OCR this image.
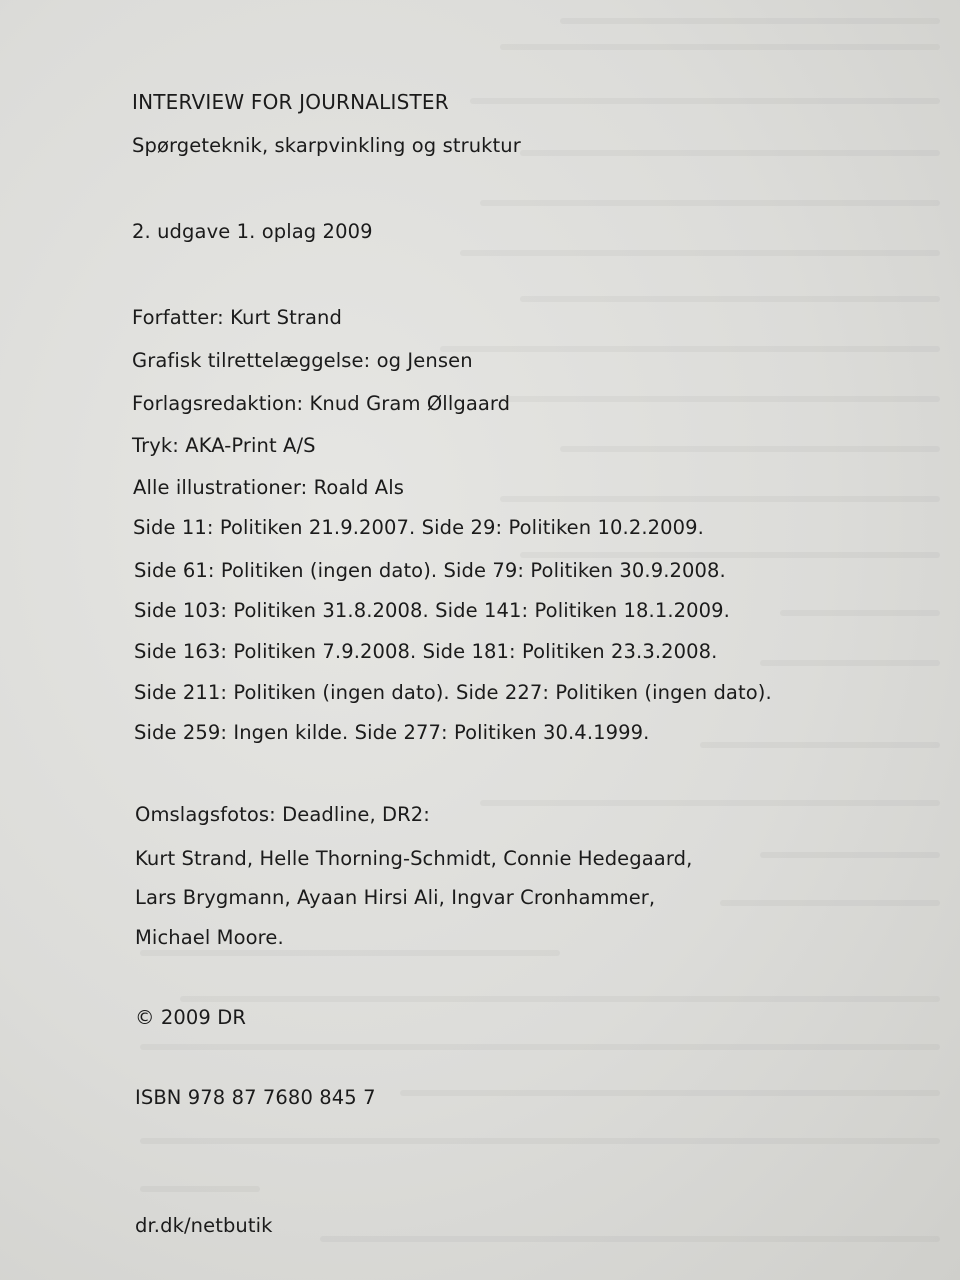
INTERVIEW FOR JOURNALISTER
Spørgeteknik, skarpvinkling og struktur
2. udgave 1. oplag 2009
Forfatter: Kurt Strand
Grafisk tilrettelæggelse: og Jensen
Forlagsredaktion: Knud Gram Øllgaard
Tryk: AKA-Print A/S
Alle illustrationer: Roald Als
Side 11: Politiken 21.9.2007. Side 29: Politiken 10.2.2009.
Side 61: Politiken (ingen dato). Side 79: Politiken 30.9.2008.
Side 103: Politiken 31.8.2008. Side 141: Politiken 18.1.2009.
Side 163: Politiken 7.9.2008. Side 181: Politiken 23.3.2008.
Side 211: Politiken (ingen dato). Side 227: Politiken (ingen dato).
Side 259: Ingen kilde. Side 277: Politiken 30.4.1999.
Omslagsfotos: Deadline, DR2:
Kurt Strand, Helle Thorning-Schmidt, Connie Hedegaard,
Lars Brygmann, Ayaan Hirsi Ali, Ingvar Cronhammer,
Michael Moore.
© 2009 DR
ISBN 978 87 7680 845 7
dr.dk/netbutik
